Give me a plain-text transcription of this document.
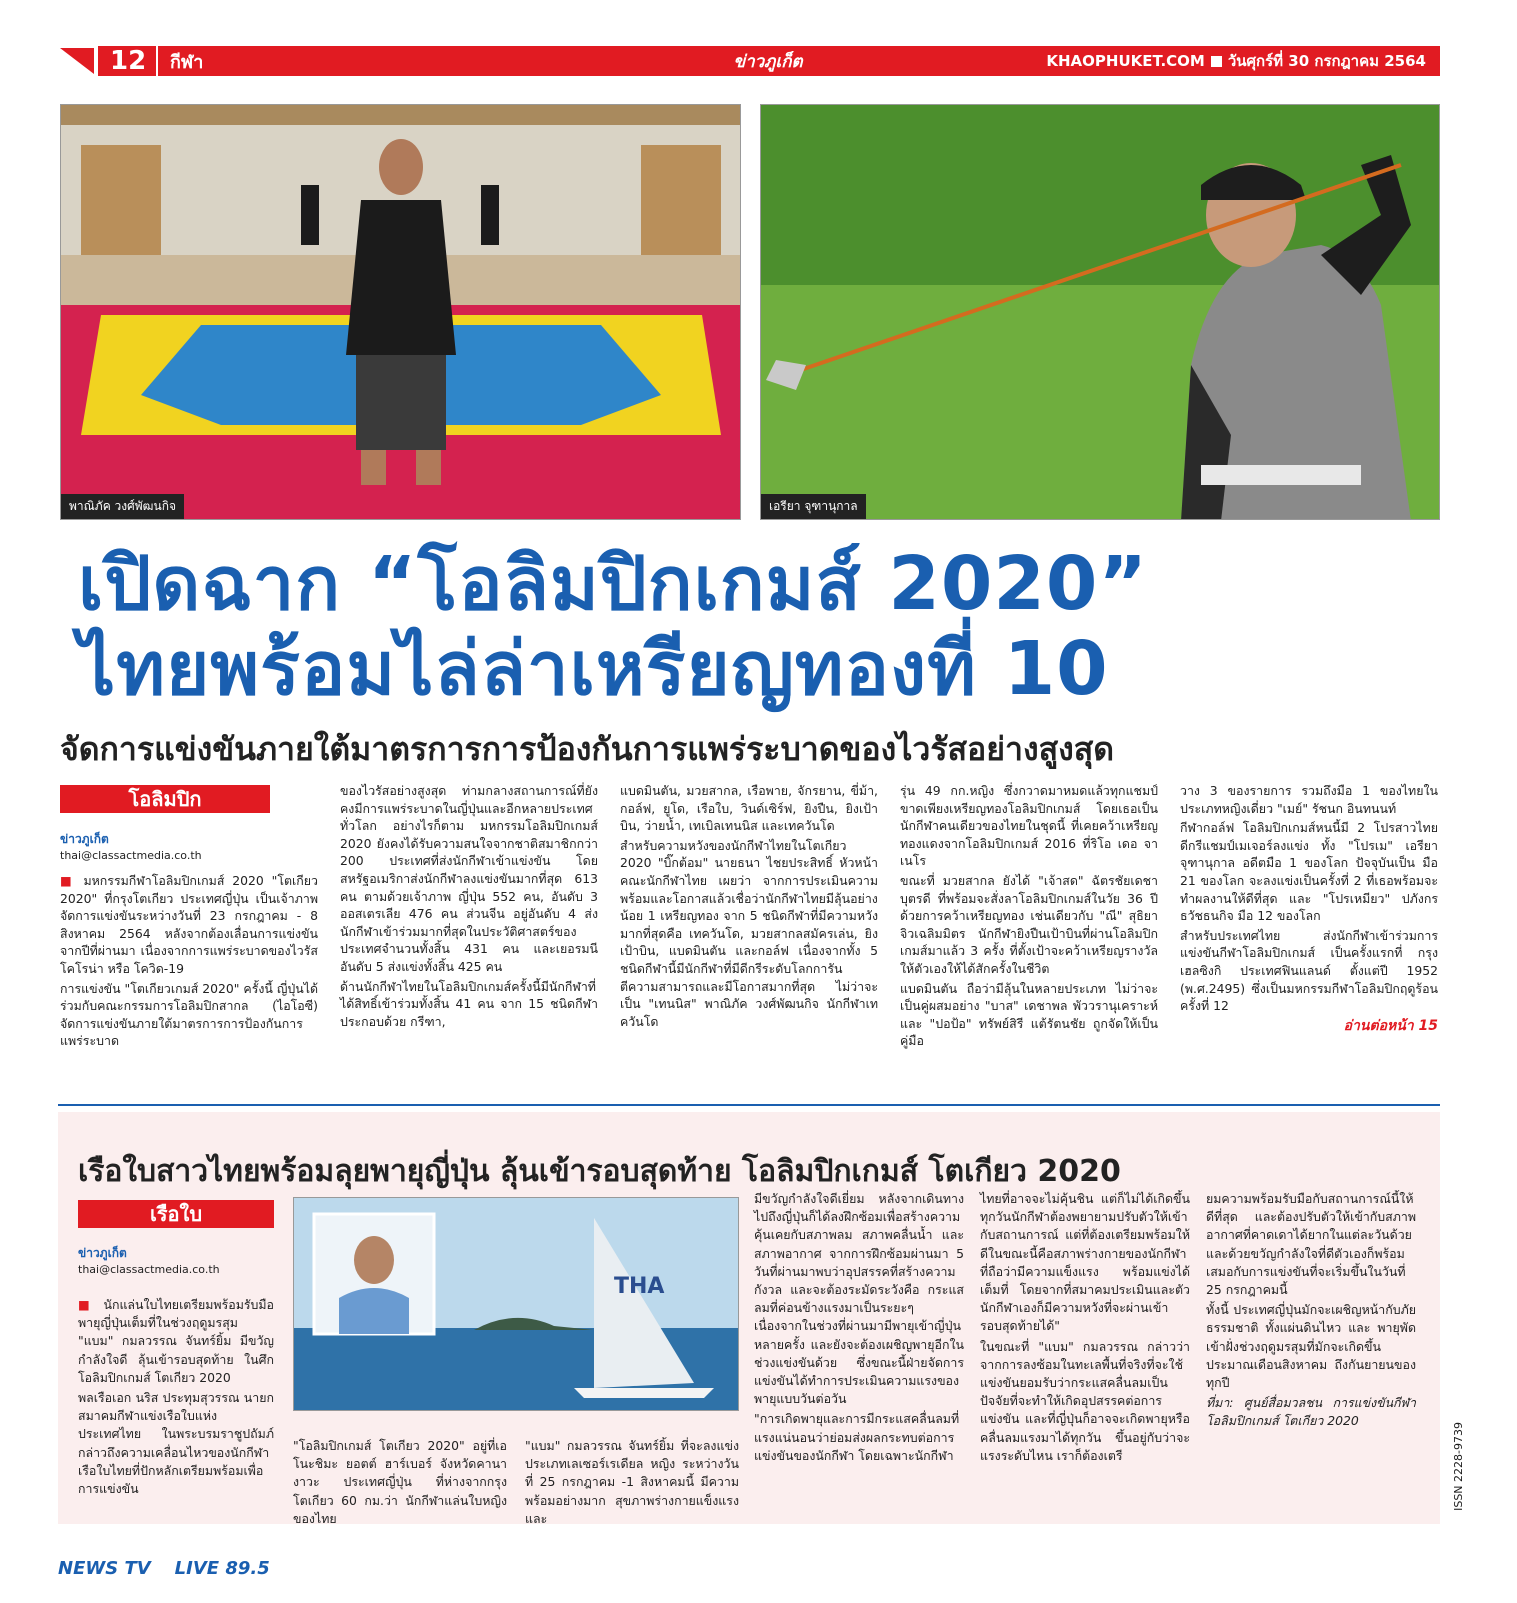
12	กีฬา	ข่าวภูเก็ต	KHAOPHUKET.COM วันศุกร์ที่ 30 กรกฎาคม 2564
พาณิภัค วงศ์พัฒนกิจ	เอรียา จุฑานุกาล
เปิดฉาก “โอลิมปิกเกมส์ 2020”
ไทยพร้อมไล่ล่าเหรียญทองที่ 10
จัดการแข่งขันภายใต้มาตรการการป้องกันการแพร่ระบาดของไวรัสอย่างสูงสุด
โอลิมปิก
ข่าวภูเก็ต
thai@classactmedia.co.th

■ มหกรรมกีฬาโอลิมปิกเกมส์ 2020 "โตเกียว 2020" ที่กรุงโตเกียว ประเทศญี่ปุ่น เป็นเจ้าภาพจัดการแข่งขันระหว่างวันที่ 23 กรกฎาคม - 8 สิงหาคม 2564 หลังจากต้องเลื่อนการแข่งขันจากปีที่ผ่านมา เนื่องจากการแพร่ระบาดของไวรัสโคโรน่า หรือ โควิด-19

การแข่งขัน "โตเกียวเกมส์ 2020" ครั้งนี้ ญี่ปุ่นได้ร่วมกับคณะกรรมการโอลิมปิกสากล (ไอโอซี) จัดการแข่งขันภายใต้มาตรการการป้องกันการแพร่ระบาด

ของไวรัสอย่างสูงสุด ท่ามกลางสถานการณ์ที่ยังคงมีการแพร่ระบาดในญี่ปุ่นและอีกหลายประเทศทั่วโลก อย่างไรก็ตาม มหกรรมโอลิมปิกเกมส์ 2020 ยังคงได้รับความสนใจจากชาติสมาชิกกว่า 200 ประเทศที่ส่งนักกีฬาเข้าแข่งขัน โดยสหรัฐอเมริกาส่งนักกีฬาลงแข่งขันมากที่สุด 613 คน ตามด้วยเจ้าภาพ ญี่ปุ่น 552 คน, อันดับ 3 ออสเตรเลีย 476 คน ส่วนจีน อยู่อันดับ 4 ส่งนักกีฬาเข้าร่วมมากที่สุดในประวัติศาสตร์ของประเทศจำนวนทั้งสิ้น 431 คน และเยอรมนี อันดับ 5 ส่งแข่งทั้งสิ้น 425 คน

ด้านนักกีฬาไทยในโอลิมปิกเกมส์ครั้งนี้มีนักกีฬาที่ได้สิทธิ์เข้าร่วมทั้งสิ้น 41 คน จาก 15 ชนิดกีฬาประกอบด้วย กรีฑา,

แบดมินตัน, มวยสากล, เรือพาย, จักรยาน, ขี่ม้า, กอล์ฟ, ยูโด, เรือใบ, วินด์เซิร์ฟ, ยิงปืน, ยิงเป้าบิน, ว่ายน้ำ, เทเบิลเทนนิส และเทควันโด

สำหรับความหวังของนักกีฬาไทยในโตเกียว 2020 "บิ๊กต้อม" นายธนา ไชยประสิทธิ์ หัวหน้าคณะนักกีฬาไทย เผยว่า จากการประเมินความพร้อมและโอกาสแล้วเชื่อว่านักกีฬาไทยมีลุ้นอย่างน้อย 1 เหรียญทอง จาก 5 ชนิดกีฬาที่มีความหวังมากที่สุดคือ เทควันโด, มวยสากลสมัครเล่น, ยิงเป้าบิน, แบดมินตัน และกอล์ฟ เนื่องจากทั้ง 5 ชนิดกีฬานี้มีนักกีฬาที่มีดีกรีระดับโลกการันตีความสามารถและมีโอกาสมากที่สุด ไม่ว่าจะเป็น "เทนนิส" พาณิภัค วงศ์พัฒนกิจ นักกีฬาเทควันโด

รุ่น 49 กก.หญิง ซึ่งกวาดมาหมดแล้วทุกแชมป์ ขาดเพียงเหรียญทองโอลิมปิกเกมส์ โดยเธอเป็นนักกีฬาคนเดียวของไทยในชุดนี้ ที่เคยคว้าเหรียญทองแดงจากโอลิมปิกเกมส์ 2016 ที่ริโอ เดอ จาเนโร

ขณะที่ มวยสากล ยังได้ "เจ้าสด" ฉัตรชัยเดชา บุตรดี ที่พร้อมจะสั่งลาโอลิมปิกเกมส์ในวัย 36 ปีด้วยการคว้าเหรียญทอง เช่นเดียวกับ "ณี" สุธิยา จิวเฉลิมมิตร นักกีฬายิงปืนเป้าบินที่ผ่านโอลิมปิกเกมส์มาแล้ว 3 ครั้ง ที่ตั้งเป้าจะคว้าเหรียญรางวัลให้ตัวเองให้ได้สักครั้งในชีวิต

แบดมินตัน ถือว่ามีลุ้นในหลายประเภท ไม่ว่าจะเป็นคู่ผสมอย่าง "บาส" เดชาพล พัววรานุเคราะห์ และ "ปอป้อ" ทรัพย์สิรี แต้รัตนชัย ถูกจัดให้เป็นคู่มือ

วาง 3 ของรายการ รวมถึงมือ 1 ของไทยในประเภทหญิงเดี่ยว "เมย์" รัชนก อินทนนท์

กีฬากอล์ฟ โอลิมปิกเกมส์หนนี้มี 2 โปรสาวไทยดีกรีแชมป์เมเจอร์ลงแข่ง ทั้ง "โปรเม" เอรียา จุฑานุกาล อดีตมือ 1 ของโลก ปัจจุบันเป็น มือ 21 ของโลก จะลงแข่งเป็นครั้งที่ 2 ที่เธอพร้อมจะทำผลงานให้ดีที่สุด และ "โปรเหมียว" ปภังกร ธวัชธนกิจ มือ 12 ของโลก

สำหรับประเทศไทย ส่งนักกีฬาเข้าร่วมการแข่งขันกีฬาโอลิมปิกเกมส์ เป็นครั้งแรกที่ กรุงเฮลซิงกิ ประเทศฟินแลนด์ ตั้งแต่ปี 1952 (พ.ศ.2495) ซึ่งเป็นมหกรรมกีฬาโอลิมปิกฤดูร้อน ครั้งที่ 12

อ่านต่อหน้า 15

เรือใบสาวไทยพร้อมลุยพายุญี่ปุ่น ลุ้นเข้ารอบสุดท้าย โอลิมปิกเกมส์ โตเกียว 2020
เรือใบ
ข่าวภูเก็ต
thai@classactmedia.co.th
THA

■ นักแล่นใบไทยเตรียมพร้อมรับมือพายุญี่ปุ่นเต็มที่ในช่วงฤดูมรสุม "แบม" กมลวรรณ จันทร์ยิ้ม มีขวัญกำลังใจดี ลุ้นเข้ารอบสุดท้าย ในศึกโอลิมปิกเกมส์ โตเกียว 2020

พลเรือเอก นริส ประทุมสุวรรณ นายกสมาคมกีฬาแข่งเรือใบแห่งประเทศไทย ในพระบรมราชูปถัมภ์ กล่าวถึงความเคลื่อนไหวของนักกีฬาเรือใบไทยที่ปักหลักเตรียมพร้อมเพื่อการแข่งขัน

"โอลิมปิกเกมส์ โตเกียว 2020" อยู่ที่เอโนะชิมะ ยอตต์ ฮาร์เบอร์ จังหวัดคานางาวะ ประเทศญี่ปุ่น ที่ห่างจากกรุงโตเกียว 60 กม.ว่า นักกีฬาแล่นใบหญิงของไทย

"แบม" กมลวรรณ จันทร์ยิ้ม ที่จะลงแข่งประเภทเลเซอร์เรเดียล หญิง ระหว่างวันที่ 25 กรกฎาคม -1 สิงหาคมนี้ มีความพร้อมอย่างมาก สุขภาพร่างกายแข็งแรงและ

มีขวัญกำลังใจดีเยี่ยม หลังจากเดินทางไปถึงญี่ปุ่นก็ได้ลงฝึกซ้อมเพื่อสร้างความคุ้นเคยกับสภาพลม สภาพคลื่นน้ำ และสภาพอากาศ จากการฝึกซ้อมผ่านมา 5 วันที่ผ่านมาพบว่าอุปสรรคที่สร้างความกังวล และจะต้องระมัดระวังคือ กระแสลมที่ค่อนข้างแรงมาเป็นระยะๆ เนื่องจากในช่วงที่ผ่านมามีพายุเข้าญี่ปุ่นหลายครั้ง และยังจะต้องเผชิญพายุอีกในช่วงแข่งขันด้วย ซึ่งขณะนี้ฝ่ายจัดการแข่งขันได้ทำการประเมินความแรงของพายุแบบวันต่อวัน

"การเกิดพายุและการมีกระแสคลื่นลมที่แรงแน่นอนว่าย่อมส่งผลกระทบต่อการแข่งขันของนักกีฬา โดยเฉพาะนักกีฬา

ไทยที่อาจจะไม่คุ้นชิน แต่ก็ไม่ได้เกิดขึ้นทุกวันนักกีฬาต้องพยายามปรับตัวให้เข้ากับสถานการณ์ แต่ที่ต้องเตรียมพร้อมให้ดีในขณะนี้คือสภาพร่างกายของนักกีฬาที่ถือว่ามีความแข็งแรง พร้อมแข่งได้เต็มที่ โดยจากที่สมาคมประเมินและตัวนักกีฬาเองก็มีความหวังที่จะผ่านเข้ารอบสุดท้ายได้"

ในขณะที่ "แบม" กมลวรรณ กล่าวว่า จากการลงซ้อมในทะเลพื้นที่จริงที่จะใช้แข่งขันยอมรับว่ากระแสคลื่นลมเป็นปัจจัยที่จะทำให้เกิดอุปสรรคต่อการแข่งขัน และที่ญี่ปุ่นก็อาจจะเกิดพายุหรือคลื่นลมแรงมาได้ทุกวัน ขึ้นอยู่กับว่าจะแรงระดับไหน เราก็ต้องเตรี

ยมความพร้อมรับมือกับสถานการณ์นี้ให้ดีที่สุด และต้องปรับตัวให้เข้ากับสภาพอากาศที่คาดเดาได้ยากในแต่ละวันด้วย และด้วยขวัญกำลังใจที่ดีตัวเองก็พร้อมเสมอกับการแข่งขันที่จะเริ่มขึ้นในวันที่ 25 กรกฎาคมนี้

ทั้งนี้ ประเทศญี่ปุ่นมักจะเผชิญหน้ากับภัยธรรมชาติ ทั้งแผ่นดินไหว และ พายุพัดเข้าฝั่งช่วงฤดูมรสุมที่มักจะเกิดขึ้นประมาณเดือนสิงหาคม ถึงกันยายนของทุกปี

ที่มา: ศูนย์สื่อมวลชน การแข่งขันกีฬาโอลิมปิกเกมส์ โตเกียว 2020

ISSN 2228-9739
NEWS TV LIVE 89.5
